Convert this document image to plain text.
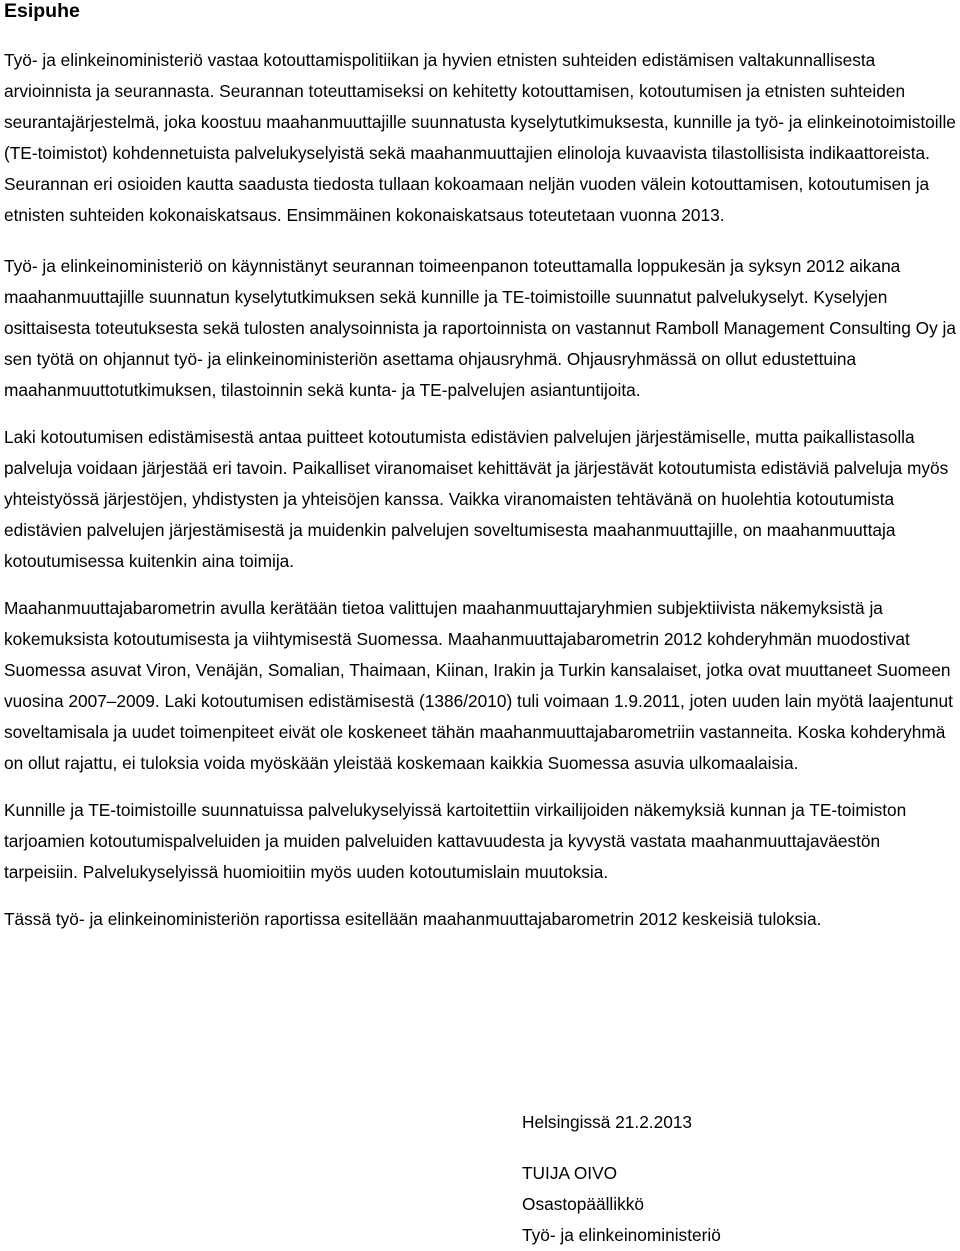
Esipuhe

Työ- ja elinkeinoministeriö vastaa kotouttamispolitiikan ja hyvien etnisten suhteiden edistämisen valtakunnallisesta arvioinnista ja seurannasta. Seurannan toteuttamiseksi on kehitetty kotouttamisen, kotoutumisen ja etnisten suhteiden seurantajärjestelmä, joka koostuu maahanmuuttajille suunnatusta kyselytutkimuksesta, kunnille ja työ- ja elinkeinotoimistoille (TE-toimistot) kohdennetuista palvelukyselyistä sekä maahanmuuttajien elinoloja kuvaavista tilastollisista indikaattoreista. Seurannan eri osioiden kautta saadusta tiedosta tullaan kokoamaan neljän vuoden välein kotouttamisen, kotoutumisen ja etnisten suhteiden kokonaiskatsaus. Ensimmäinen kokonaiskatsaus toteutetaan vuonna 2013.

Työ- ja elinkeinoministeriö on käynnistänyt seurannan toimeenpanon toteuttamalla loppukesän ja syksyn 2012 aikana maahanmuuttajille suunnatun kyselytutkimuksen sekä kunnille ja TE-toimistoille suunnatut palvelukyselyt. Kyselyjen osittaisesta toteutuksesta sekä tulosten analysoinnista ja raportoinnista on vastannut Ramboll Management Consulting Oy ja sen työtä on ohjannut työ- ja elinkeinoministeriön asettama ohjausryhmä. Ohjausryhmässä on ollut edustettuina maahanmuuttotutkimuksen, tilastoinnin sekä kunta- ja TE-palvelujen asiantuntijoita.

Laki kotoutumisen edistämisestä antaa puitteet kotoutumista edistävien palvelujen järjestämiselle, mutta paikallistasolla palveluja voidaan järjestää eri tavoin. Paikalliset viranomaiset kehittävät ja järjestävät kotoutumista edistäviä palveluja myös yhteistyössä järjestöjen, yhdistysten ja yhteisöjen kanssa. Vaikka viranomaisten tehtävänä on huolehtia kotoutumista edistävien palvelujen järjestämisestä ja muidenkin palvelujen soveltumisesta maahanmuuttajille, on maahanmuuttaja kotoutumisessa kuitenkin aina toimija.

Maahanmuuttajabarometrin avulla kerätään tietoa valittujen maahanmuuttajaryhmien subjektiivista näkemyksistä ja kokemuksista kotoutumisesta ja viihtymisestä Suomessa. Maahanmuuttajabarometrin 2012 kohderyhmän muodostivat Suomessa asuvat Viron, Venäjän, Somalian, Thaimaan, Kiinan, Irakin ja Turkin kansalaiset, jotka ovat muuttaneet Suomeen vuosina 2007–2009. Laki kotoutumisen edistämisestä (1386/2010) tuli voimaan 1.9.2011, joten uuden lain myötä laajentunut soveltamisala ja uudet toimenpiteet eivät ole koskeneet tähän maahanmuuttajabarometriin vastanneita. Koska kohderyhmä on ollut rajattu, ei tuloksia voida myöskään yleistää koskemaan kaikkia Suomessa asuvia ulkomaalaisia.

Kunnille ja TE-toimistoille suunnatuissa palvelukyselyissä kartoitettiin virkailijoiden näkemyksiä kunnan ja TE-toimiston tarjoamien kotoutumispalveluiden ja muiden palveluiden kattavuudesta ja kyvystä vastata maahanmuuttajaväestön tarpeisiin. Palvelukyselyissä huomioitiin myös uuden kotoutumislain muutoksia.

Tässä työ- ja elinkeinoministeriön raportissa esitellään maahanmuuttajabarometrin 2012 keskeisiä tuloksia.

Helsingissä 21.2.2013

TUIJA OIVO

Osastopäällikkö

Työ- ja elinkeinoministeriö
